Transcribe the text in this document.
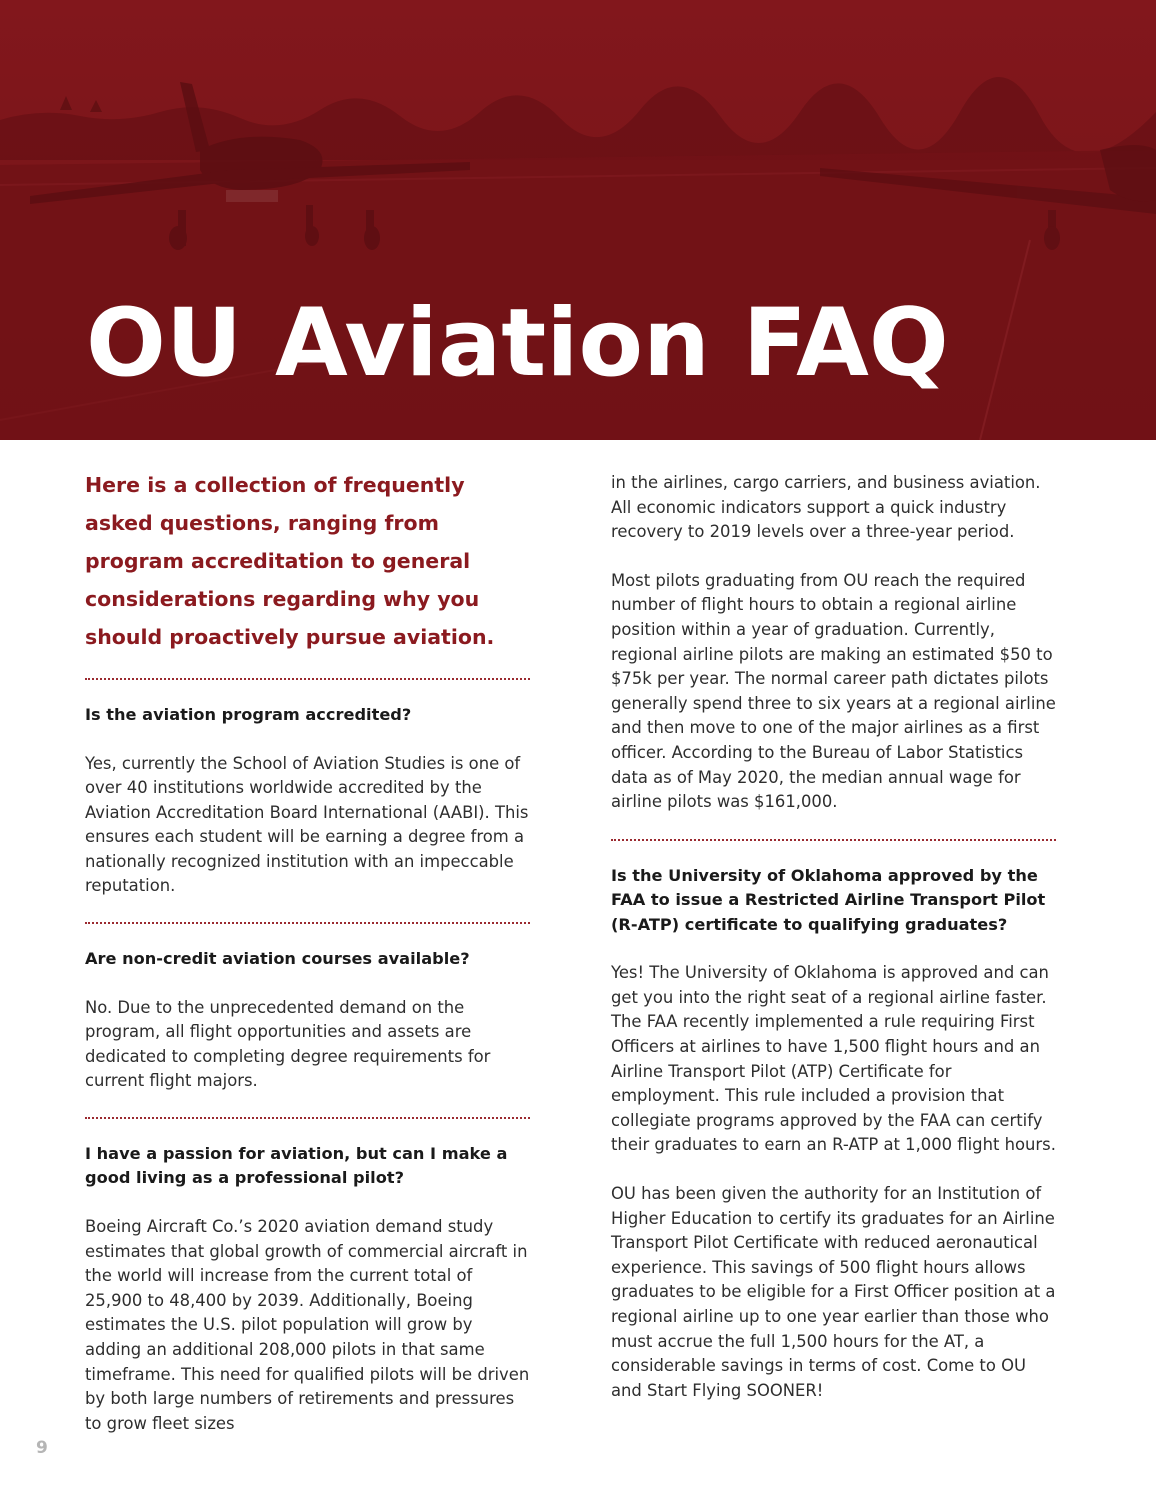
OU Aviation FAQ

Here is a collection of frequently asked questions, ranging from program accreditation to general considerations regarding why you should proactively pursue aviation.

Is the aviation program accredited?

Yes, currently the School of Aviation Studies is one of over 40 institutions worldwide accredited by the Aviation Accreditation Board International (AABI). This ensures each student will be earning a degree from a nationally recognized institution with an impeccable reputation.

Are non-credit aviation courses available?

No. Due to the unprecedented demand on the program, all flight opportunities and assets are dedicated to completing degree requirements for current flight majors.

I have a passion for aviation, but can I make a good living as a professional pilot?

Boeing Aircraft Co.’s 2020 aviation demand study estimates that global growth of commercial aircraft in the world will increase from the current total of 25,900 to 48,400 by 2039. Additionally, Boeing estimates the U.S. pilot population will grow by adding an additional 208,000 pilots in that same timeframe. This need for qualified pilots will be driven by both large numbers of retirements and pressures to grow fleet sizes

in the airlines, cargo carriers, and business aviation. All economic indicators support a quick industry recovery to 2019 levels over a three-year period.

Most pilots graduating from OU reach the required number of flight hours to obtain a regional airline position within a year of graduation. Currently, regional airline pilots are making an estimated $50 to $75k per year. The normal career path dictates pilots generally spend three to six years at a regional airline and then move to one of the major airlines as a first officer. According to the Bureau of Labor Statistics data as of May 2020, the median annual wage for airline pilots was $161,000.

Is the University of Oklahoma approved by the FAA to issue a Restricted Airline Transport Pilot (R-ATP) certificate to qualifying graduates?

Yes! The University of Oklahoma is approved and can get you into the right seat of a regional airline faster. The FAA recently implemented a rule requiring First Officers at airlines to have 1,500 flight hours and an Airline Transport Pilot (ATP) Certificate for employment. This rule included a provision that collegiate programs approved by the FAA can certify their graduates to earn an R-ATP at 1,000 flight hours.

OU has been given the authority for an Institution of Higher Education to certify its graduates for an Airline Transport Pilot Certificate with reduced aeronautical experience. This savings of 500 flight hours allows graduates to be eligible for a First Officer position at a regional airline up to one year earlier than those who must accrue the full 1,500 hours for the AT, a considerable savings in terms of cost. Come to OU and Start Flying SOONER!

9
